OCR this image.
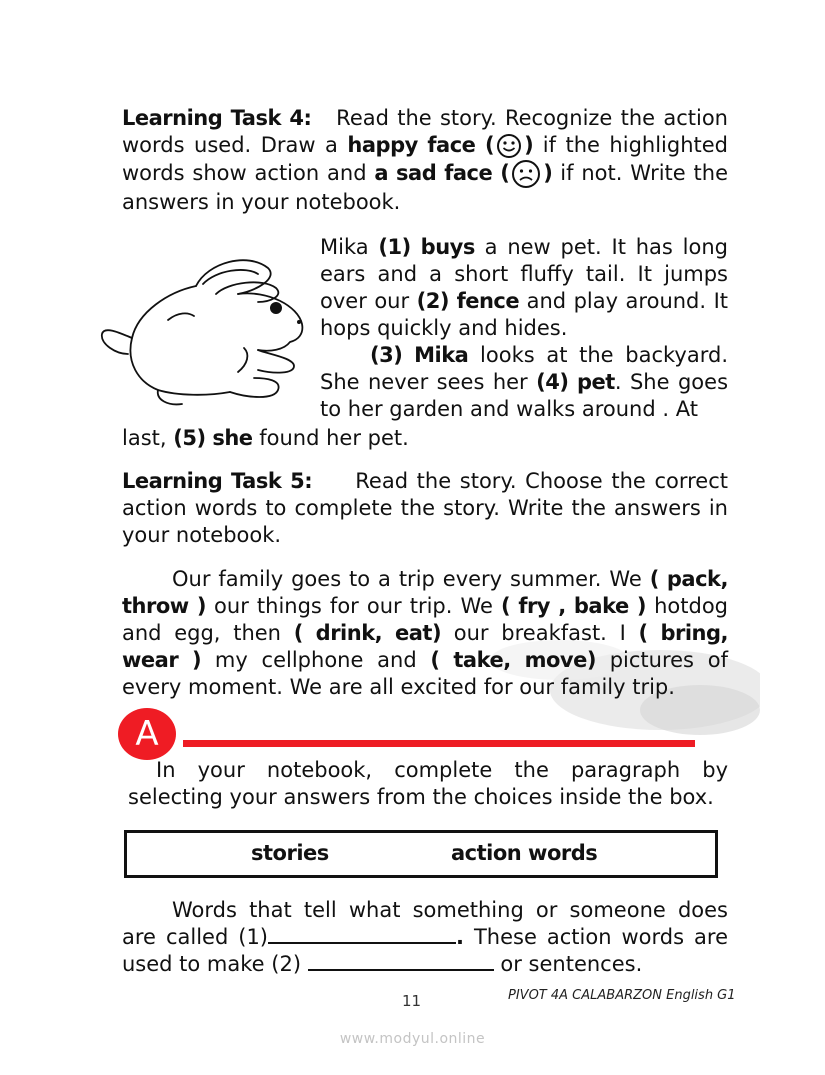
Learning Task 4: Read the story. Recognize the action words used. Draw a happy face ( ) if the highlighted words show action and a sad face ( ) if not. Write the answers in your notebook.
Mika (1) buys a new pet. It has long ears and a short fluffy tail. It jumps over our (2) fence and play around. It hops quickly and hides.
(3) Mika looks at the backyard. She never sees her (4) pet. She goes to her garden and walks around . At
last, (5) she found her pet.
Learning Task 5: Read the story. Choose the correct action words to complete the story. Write the answers in your notebook.
Our family goes to a trip every summer. We ( pack, throw ) our things for our trip. We ( fry , bake ) hotdog and egg, then ( drink, eat) our breakfast. I ( bring, wear ) my cellphone and ( take, move) pictures of every moment. We are all excited for our family trip.
A
In your notebook, complete the paragraph by selecting your answers from the choices inside the box.
stories	action words
Words that tell what something or someone does are called (1)	. These action words are used to make (2)	or sentences.
11	PIVOT 4A CALABARZON English G1
www.modyul.online
